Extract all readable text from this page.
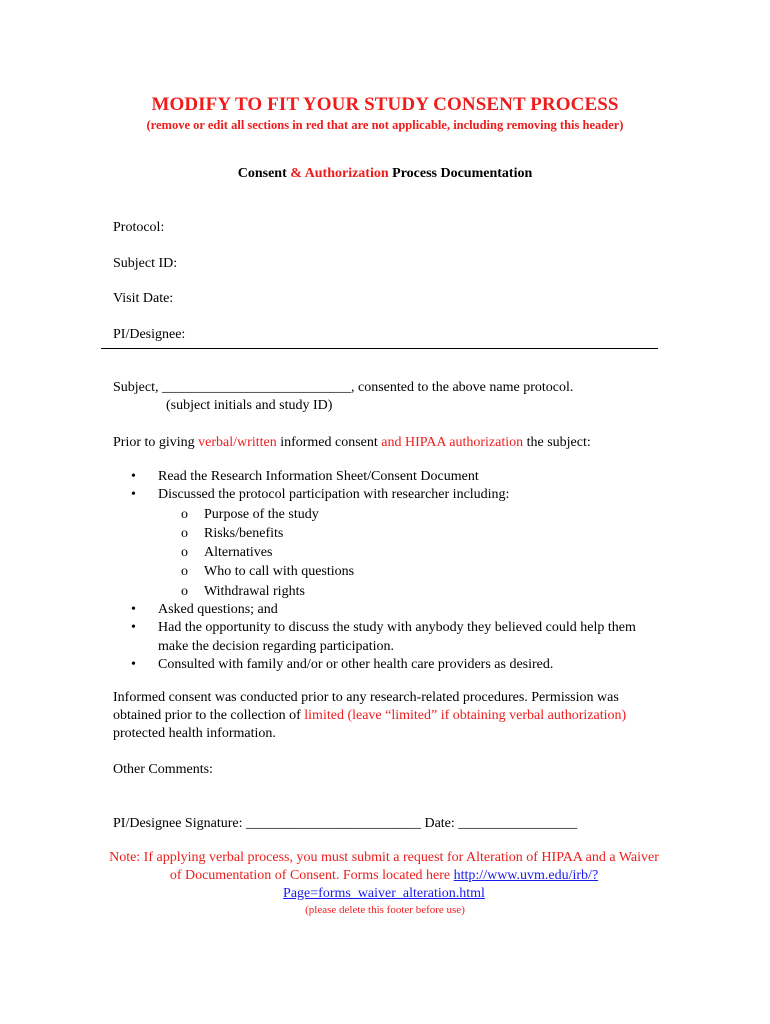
MODIFY TO FIT YOUR STUDY CONSENT PROCESS
(remove or edit all sections in red that are not applicable, including removing this header)
Consent & Authorization Process Documentation
Protocol:
Subject ID:
Visit Date:
PI/Designee:
Subject, ___________________________, consented to the above name protocol.
(subject initials and study ID)
Prior to giving verbal/written informed consent and HIPAA authorization the subject:
• Read the Research Information Sheet/Consent Document
• Discussed the protocol participation with researcher including:
o Purpose of the study
o Risks/benefits
o Alternatives
o Who to call with questions
o Withdrawal rights
• Asked questions; and
• Had the opportunity to discuss the study with anybody they believed could help them make the decision regarding participation.
• Consulted with family and/or or other health care providers as desired.
Informed consent was conducted prior to any research-related procedures. Permission was obtained prior to the collection of limited (leave “limited” if obtaining verbal authorization) protected health information.
Other Comments:
PI/Designee Signature: _________________________ Date: _________________
Note: If applying verbal process, you must submit a request for Alteration of HIPAA and a Waiver of Documentation of Consent. Forms located here http://www.uvm.edu/irb/?Page=forms_waiver_alteration.html
(please delete this footer before use)
